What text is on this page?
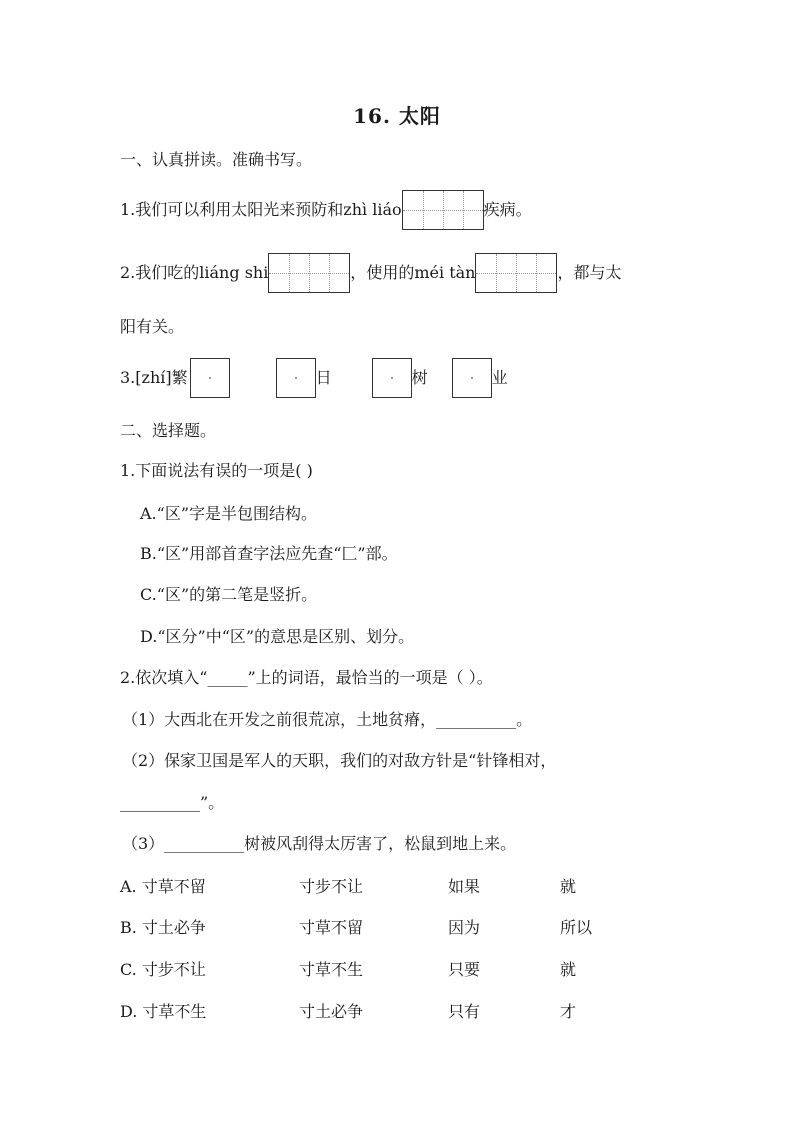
16. 太阳
一、认真拼读。准确书写。
1.我们可以利用太阳光来预防和 zhì liáo	疾病。
2.我们吃的 liáng shi	，使用的 méi tàn	，都与太
阳有关。
3.[zhí] 繁	日	树	业
二、选择题。
1.下面说法有误的一项是( )
A.“区”字是半包围结构。
B.“区”用部首查字法应先查“匚”部。
C.“区”的第二笔是竖折。
D.“区分”中“区”的意思是区别、划分。
2.依次填入“_____”上的词语，最恰当的一项是（ ）。
（1）大西北在开发之前很荒凉，土地贫瘠，__________。
（2）保家卫国是军人的天职，我们的对敌方针是“针锋相对，
__________”。
（3）__________树被风刮得太厉害了，松鼠到地上来。
A. 寸草不留	寸步不让	如果	就
B. 寸土必争	寸草不留	因为	所以
C. 寸步不让	寸草不生	只要	就
D. 寸草不生	寸土必争	只有	才
